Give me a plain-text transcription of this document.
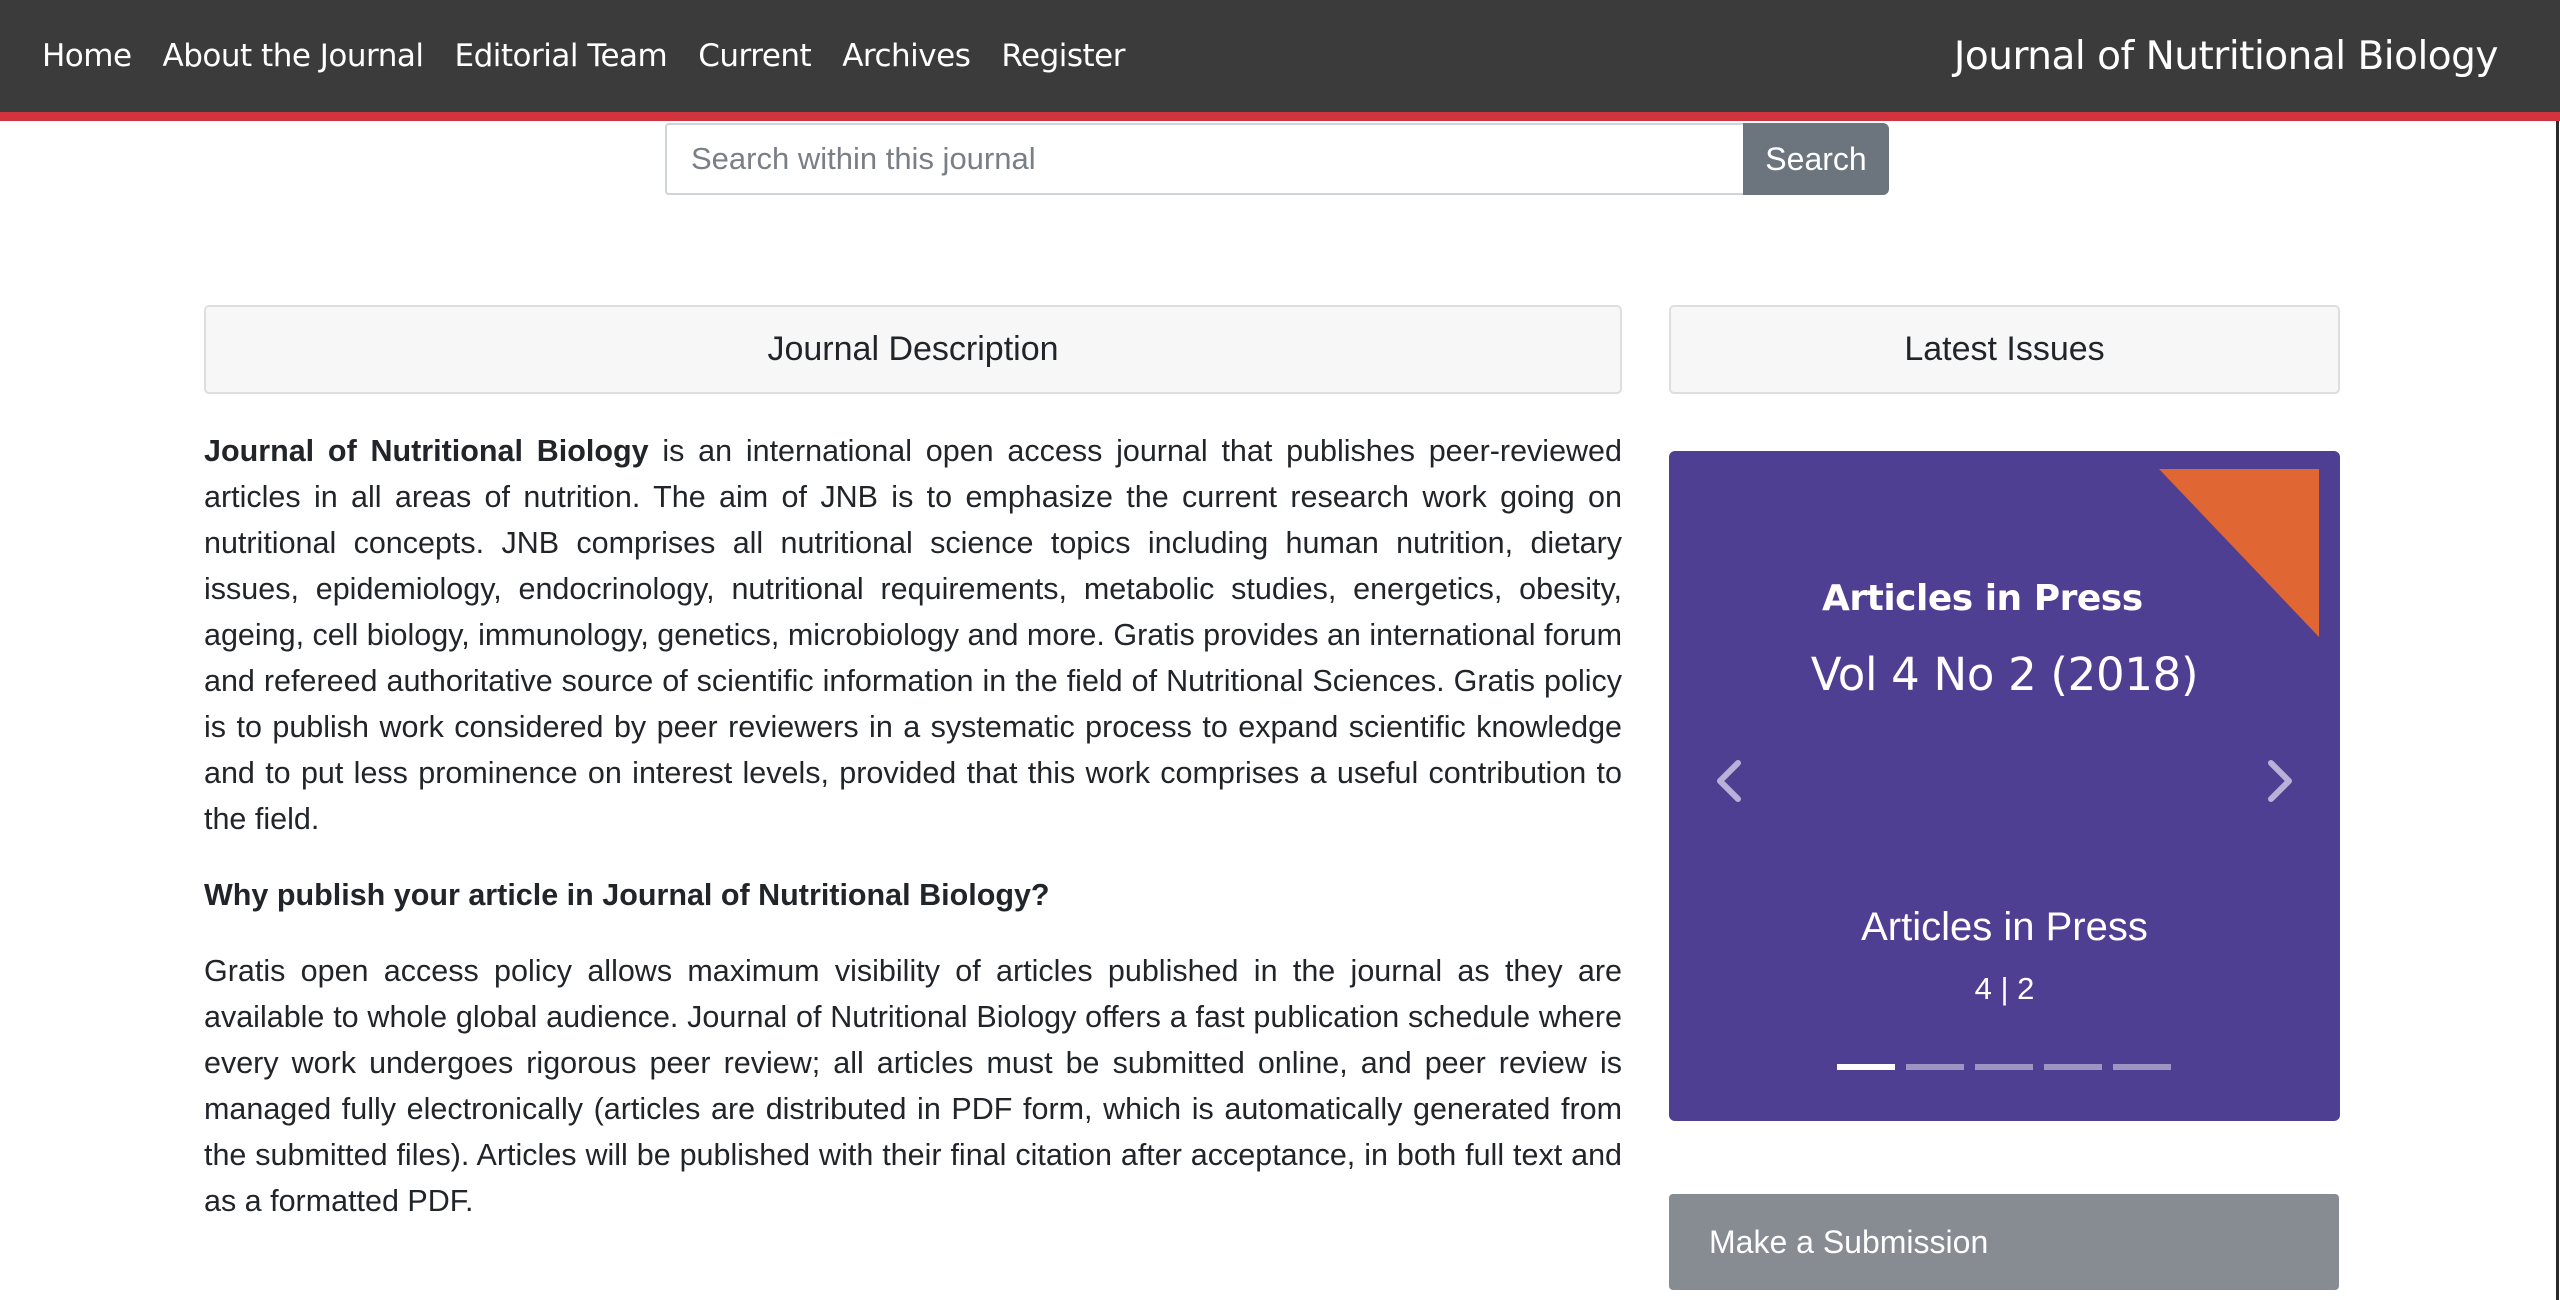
Home About the Journal Editorial Team Current Archives Register	Journal of Nutritional Biology
Search within this journal
Search
Journal Description

Journal of Nutritional Biology is an international open access journal that publishes peer-reviewed articles in all areas of nutrition. The aim of JNB is to emphasize the current research work going on nutritional concepts. JNB comprises all nutritional science topics including human nutrition, dietary issues, epidemiology, endocrinology, nutritional requirements, metabolic studies, energetics, obesity, ageing, cell biology, immunology, genetics, microbiology and more. Gratis provides an international forum and refereed authoritative source of scientific information in the field of Nutritional Sciences. Gratis policy is to publish work considered by peer reviewers in a systematic process to expand scientific knowledge and to put less prominence on interest levels, provided that this work comprises a useful contribution to the field.

Why publish your article in Journal of Nutritional Biology?

Gratis open access policy allows maximum visibility of articles published in the journal as they are available to whole global audience. Journal of Nutritional Biology offers a fast publication schedule where every work undergoes rigorous peer review; all articles must be submitted online, and peer review is managed fully electronically (articles are distributed in PDF form, which is automatically generated from the submitted files). Articles will be published with their final citation after acceptance, in both full text and as a formatted PDF.

Latest Issues
Articles in Press
Vol 4 No 2 (2018)
Articles in Press
4 | 2
Make a Submission
